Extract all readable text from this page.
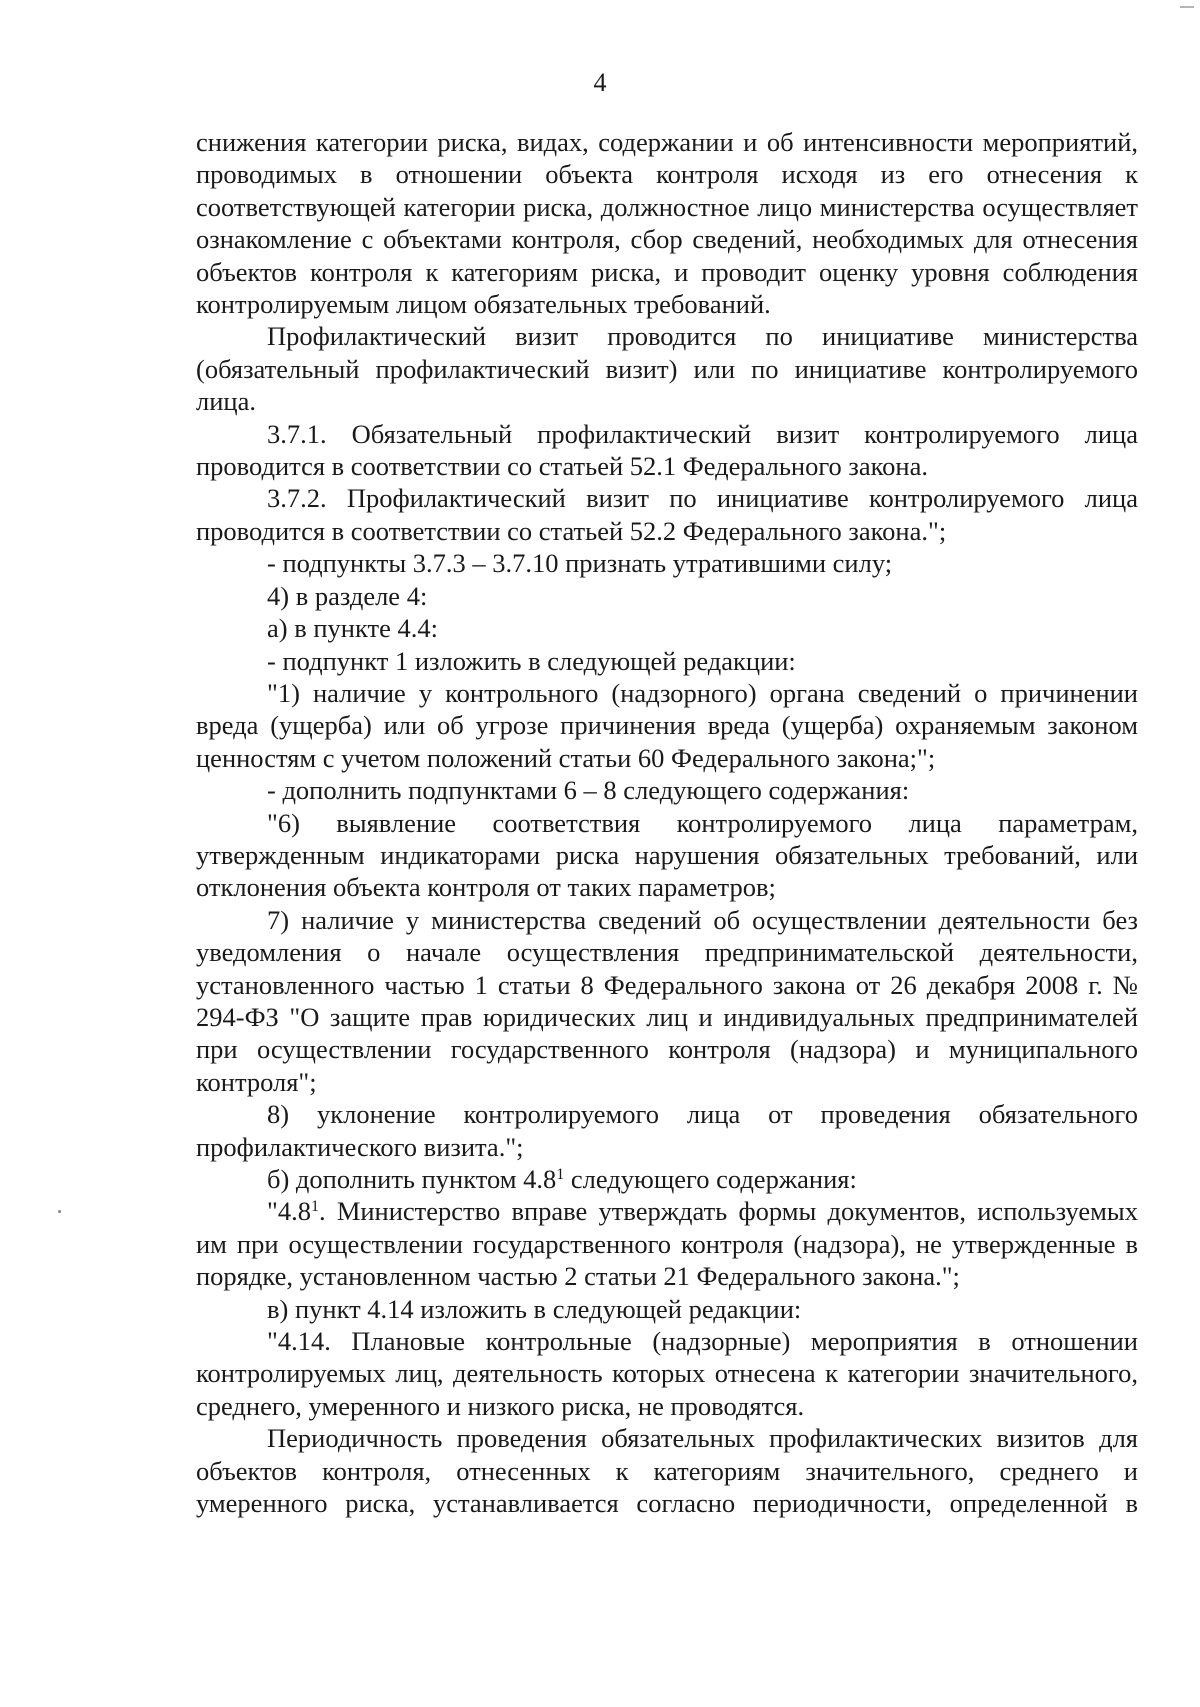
4

снижения категории риска, видах, содержании и об интенсивности мероприятий, проводимых в отношении объекта контроля исходя из его отнесения к соответствующей категории риска, должностное лицо министерства осуществляет ознакомление с объектами контроля, сбор сведений, необходимых для отнесения объектов контроля к категориям риска, и проводит оценку уровня соблюдения контролируемым лицом обязательных требований.

Профилактический визит проводится по инициативе министерства (обязательный профилактический визит) или по инициативе контролируемого лица.

3.7.1. Обязательный профилактический визит контролируемого лица проводится в соответствии со статьей 52.1 Федерального закона.

3.7.2. Профилактический визит по инициативе контролируемого лица проводится в соответствии со статьей 52.2 Федерального закона.";

- подпункты 3.7.3 – 3.7.10 признать утратившими силу;

4) в разделе 4:

а) в пункте 4.4:

- подпункт 1 изложить в следующей редакции:

"1) наличие у контрольного (надзорного) органа сведений о причинении вреда (ущерба) или об угрозе причинения вреда (ущерба) охраняемым законом ценностям с учетом положений статьи 60 Федерального закона;";

- дополнить подпунктами 6 – 8 следующего содержания:

"6) выявление соответствия контролируемого лица параметрам, утвержденным индикаторами риска нарушения обязательных требований, или отклонения объекта контроля от таких параметров;

7) наличие у министерства сведений об осуществлении деятельности без уведомления о начале осуществления предпринимательской деятельности, установленного частью 1 статьи 8 Федерального закона от 26 декабря 2008 г. № 294-ФЗ "О защите прав юридических лиц и индивидуальных предпринимателей при осуществлении государственного контроля (надзора) и муниципального контроля";

8) уклонение контролируемого лица от проведения обязательного профилактического визита.";

б) дополнить пунктом $4.8^1$ следующего содержания:

"$4.8^1$. Министерство вправе утверждать формы документов, используемых им при осуществлении государственного контроля (надзора), не утвержденные в порядке, установленном частью 2 статьи 21 Федерального закона.";

в) пункт 4.14 изложить в следующей редакции:

"4.14. Плановые контрольные (надзорные) мероприятия в отношении контролируемых лиц, деятельность которых отнесена к категории значительного, среднего, умеренного и низкого риска, не проводятся.

Периодичность проведения обязательных профилактических визитов для объектов контроля, отнесенных к категориям значительного, среднего и умеренного риска, устанавливается согласно периодичности, определенной в
